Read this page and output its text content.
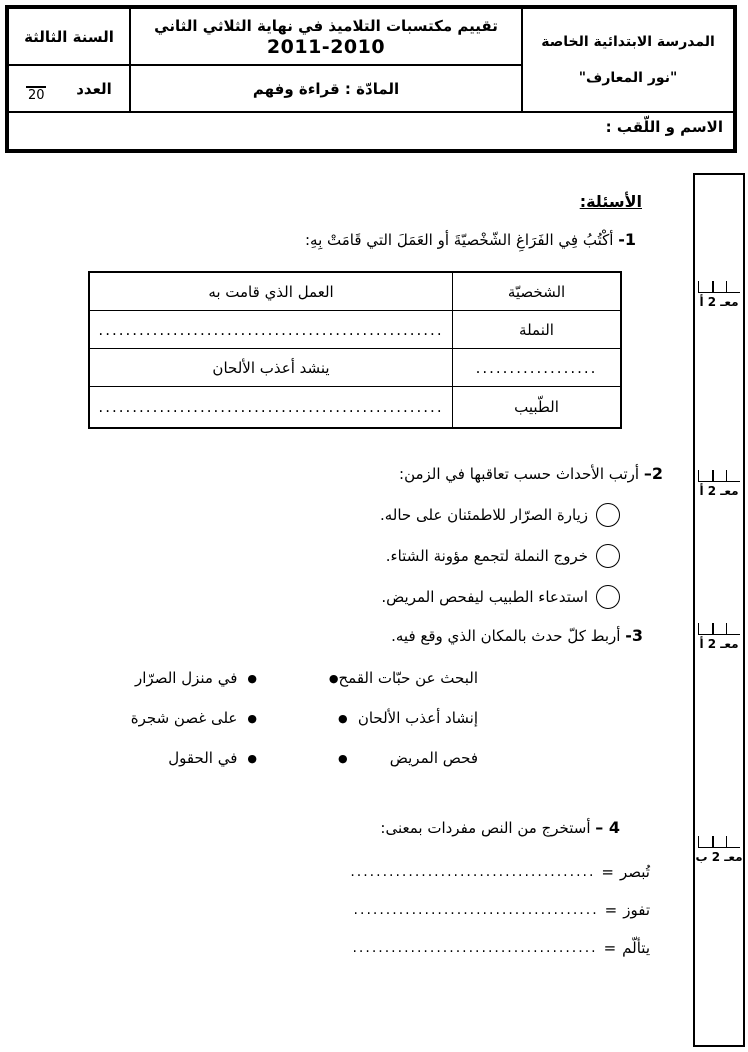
المدرسة الابتدائية الخاصة
"نور المعارف"
تقييم مكتسبات التلاميذ في نهاية الثلاثي الثاني
2011-2010
السنة الثالثة
المادّة : قراءة وفهم
العدد
20
الاسم و اللّقب :
معـ 2 أ
معـ 2 أ
معـ 2 أ
معـ 2 ب
الأسئلة:
1- أكْتُبُ فِي الفَرَاغِ الشّخْصيّةَ أو العَمَلَ التي قَامَتْ بِهِ:
الشخصيّة
العمل الذي قامت به
النملة
...................................................
..................
ينشد أعذب الألحان
الطّبيب
...................................................
2– أرتب الأحداث حسب تعاقبها في الزمن:
زيارة الصرّار للاطمئنان على حاله.
خروج النملة لتجمع مؤونة الشتاء.
استدعاء الطبيب ليفحص المريض.
3- أربط كلّ حدث بالمكان الذي وقع فيه.
البحث عن حبّات القمح
●
إنشاد أعذب الألحان
●
فحص المريض
●
●
في منزل الصرّار
●
على غصن شجرة
●
في الحقول
4 – أستخرج من النص مفردات بمعنى:
تُبصر
=
......................................
تفوز
=
......................................
يتألّم
=
......................................
